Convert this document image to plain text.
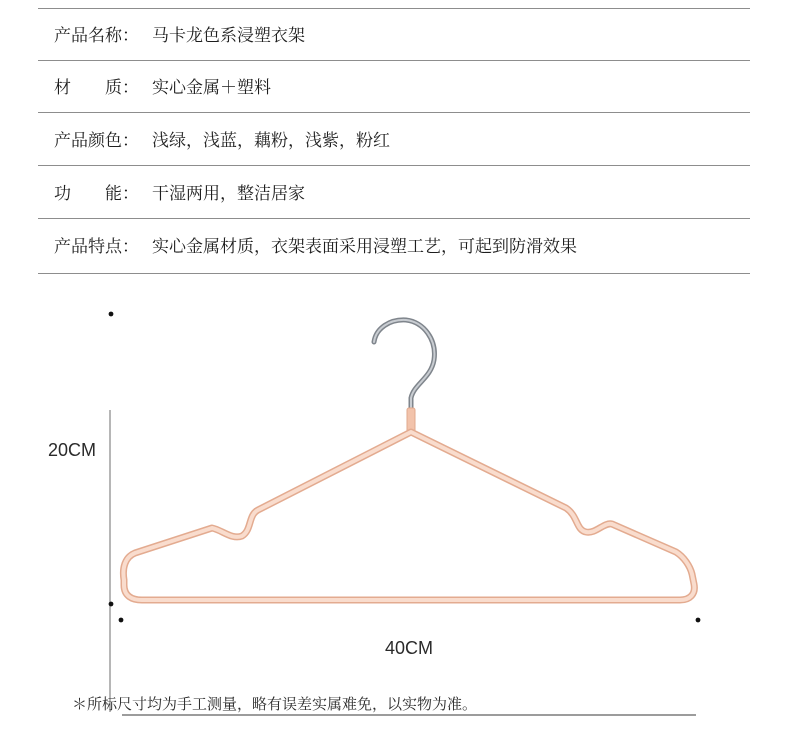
产品名称： 马卡龙色系浸塑衣架
材　　质： 实心金属＋塑料
产品颜色： 浅绿，浅蓝，藕粉，浅紫，粉红
功　　能： 干湿两用，整洁居家
产品特点： 实心金属材质，衣架表面采用浸塑工艺，可起到防滑效果
20CM
40CM
＊所标尺寸均为手工测量，略有误差实属难免，以实物为准。
